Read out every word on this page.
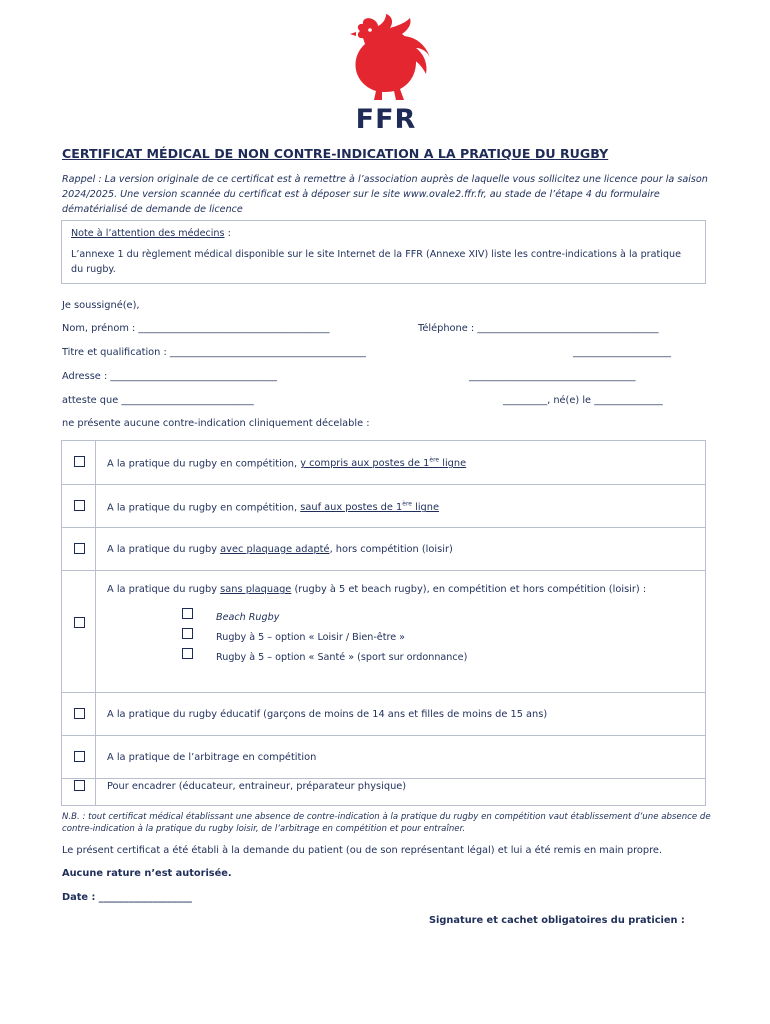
FFR
CERTIFICAT MÉDICAL DE NON CONTRE-INDICATION A LA PRATIQUE DU RUGBY
Rappel : La version originale de ce certificat est à remettre à l’association auprès de laquelle vous sollicitez une licence pour la saison 2024/2025. Une version scannée du certificat est à déposer sur le site www.ovale2.ffr.fr, au stade de l’étape 4 du formulaire dématérialisé de demande de licence
Note à l’attention des médecins :

L’annexe 1 du règlement médical disponible sur le site Internet de la FFR (Annexe XIV) liste les contre-indications à la pratique du rugby.

Je soussigné(e),
Nom, prénom : _______________________________________	Téléphone : _____________________________________
Titre et qualification : ________________________________________	____________________
Adresse : __________________________________	__________________________________
atteste que ___________________________	_________, né(e) le ______________
ne présente aucune contre-indication cliniquement décelable :
A la pratique du rugby en compétition, y compris aux postes de 1ère ligne
A la pratique du rugby en compétition, sauf aux postes de 1ère ligne
A la pratique du rugby avec plaquage adapté, hors compétition (loisir)
A la pratique du rugby sans plaquage (rugby à 5 et beach rugby), en compétition et hors compétition (loisir) :
Beach Rugby
Rugby à 5 – option « Loisir / Bien-être »
Rugby à 5 – option « Santé » (sport sur ordonnance)
A la pratique du rugby éducatif (garçons de moins de 14 ans et filles de moins de 15 ans)
A la pratique de l’arbitrage en compétition
Pour encadrer (éducateur, entraineur, préparateur physique)
N.B. : tout certificat médical établissant une absence de contre-indication à la pratique du rugby en compétition vaut établissement d’une absence de contre-indication à la pratique du rugby loisir, de l’arbitrage en compétition et pour entraîner.
Le présent certificat a été établi à la demande du patient (ou de son représentant légal) et lui a été remis en main propre.
Aucune rature n’est autorisée.
Date : ___________________
Signature et cachet obligatoires du praticien :
